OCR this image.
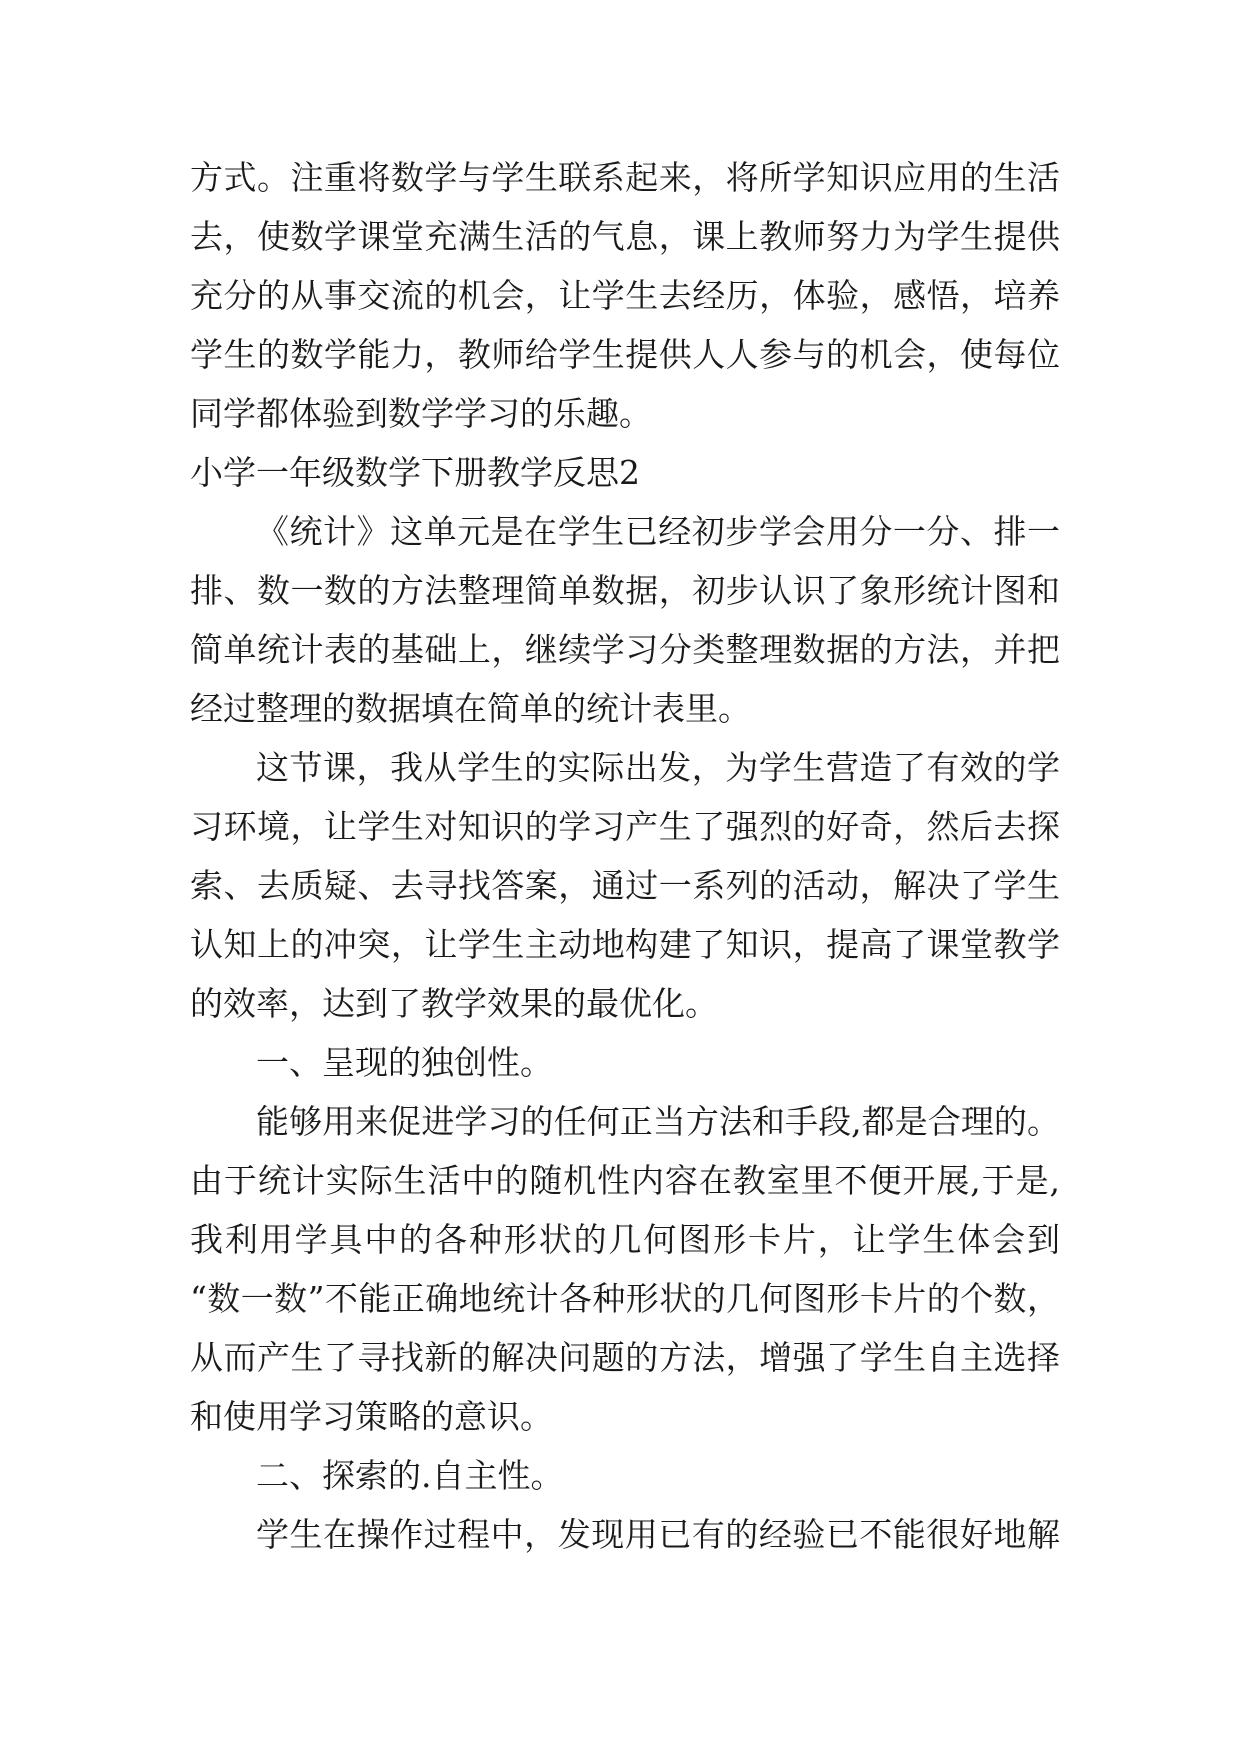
方式。注重将数学与学生联系起来，将所学知识应用的生活
去，使数学课堂充满生活的气息，课上教师努力为学生提供
充分的从事交流的机会，让学生去经历，体验，感悟，培养
学生的数学能力，教师给学生提供人人参与的机会，使每位
同学都体验到数学学习的乐趣。
小学一年级数学下册教学反思2
《统计》这单元是在学生已经初步学会用分一分、排一
排、数一数的方法整理简单数据，初步认识了象形统计图和
简单统计表的基础上，继续学习分类整理数据的方法，并把
经过整理的数据填在简单的统计表里。
这节课，我从学生的实际出发，为学生营造了有效的学
习环境，让学生对知识的学习产生了强烈的好奇，然后去探
索、去质疑、去寻找答案，通过一系列的活动，解决了学生
认知上的冲突，让学生主动地构建了知识，提高了课堂教学
的效率，达到了教学效果的最优化。
一、呈现的独创性。
能够用来促进学习的任何正当方法和手段,都是合理的。
由于统计实际生活中的随机性内容在教室里不便开展,于是,
我利用学具中的各种形状的几何图形卡片，让学生体会到
“数一数”不能正确地统计各种形状的几何图形卡片的个数，
从而产生了寻找新的解决问题的方法，增强了学生自主选择
和使用学习策略的意识。
二、探索的.自主性。
学生在操作过程中，发现用已有的经验已不能很好地解
